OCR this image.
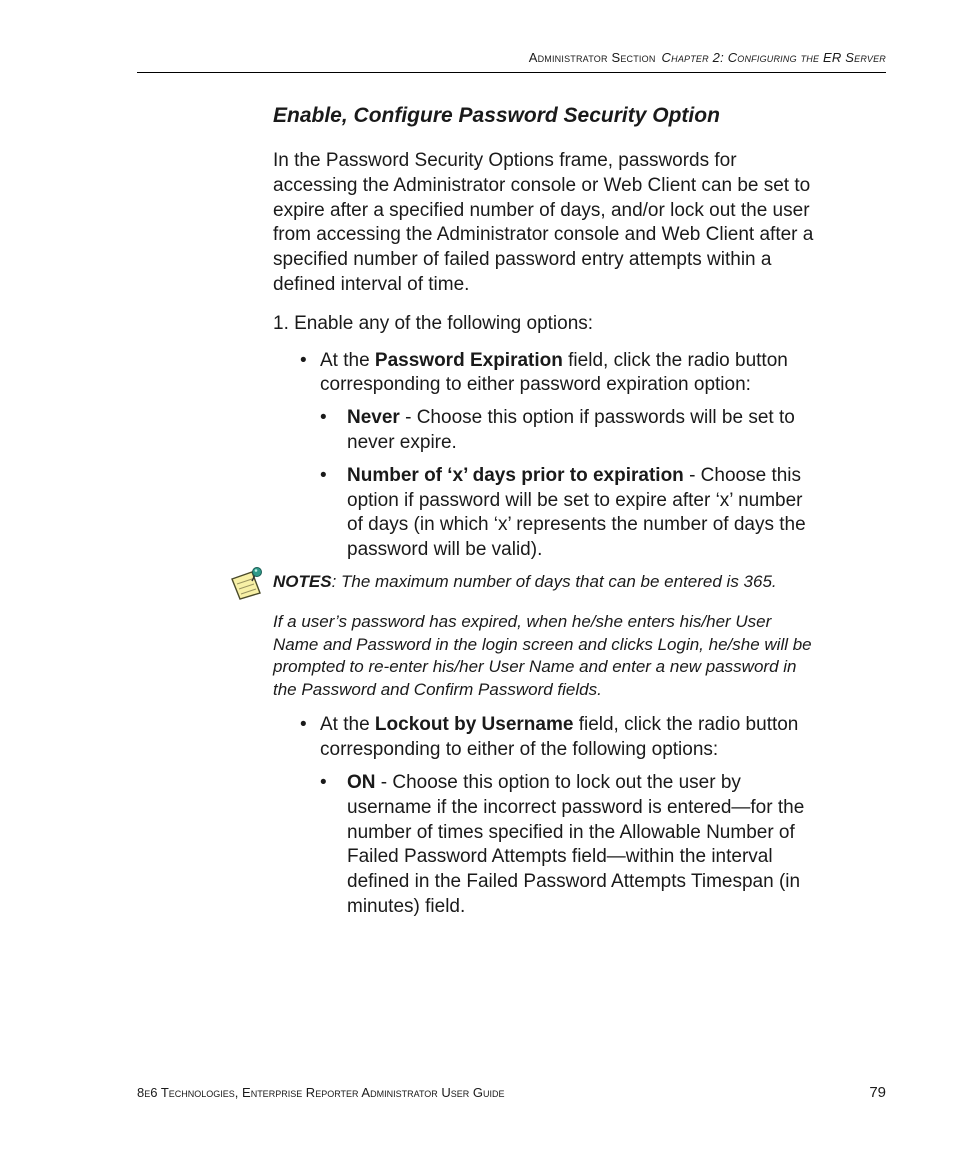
Administrator Section Chapter 2: Configuring the ER Server
Enable, Configure Password Security Option

In the Password Security Options frame, passwords for accessing the Administrator console or Web Client can be set to expire after a specified number of days, and/or lock out the user from accessing the Administrator console and Web Client after a specified number of failed password entry attempts within a defined interval of time.

1. Enable any of the following options:

• At the Password Expiration field, click the radio button corresponding to either password expiration option:
• Never - Choose this option if passwords will be set to never expire.
• Number of ‘x’ days prior to expiration - Choose this option if password will be set to expire after ‘x’ number of days (in which ‘x’ represents the number of days the password will be valid).

NOTES: The maximum number of days that can be entered is 365.

If a user’s password has expired, when he/she enters his/her User Name and Password in the login screen and clicks Login, he/she will be prompted to re-enter his/her User Name and enter a new password in the Password and Confirm Password fields.

• At the Lockout by Username field, click the radio button corresponding to either of the following options:
• ON - Choose this option to lock out the user by username if the incorrect password is entered—for the number of times specified in the Allowable Number of Failed Password Attempts field—within the interval defined in the Failed Password Attempts Timespan (in minutes) field.
8e6 Technologies, Enterprise Reporter Administrator User Guide	79
